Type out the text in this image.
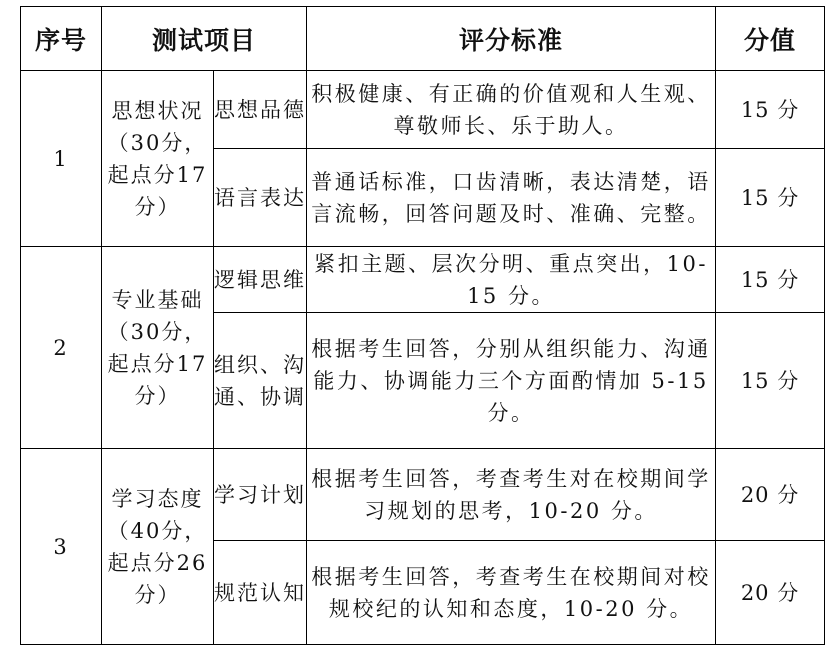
序号	测试项目		评分标准	分值
1	思想状况（30分，起点分17分）	思想品德	积极健康、有正确的价值观和人生观、尊敬师长、乐于助人。	15 分
		语言表达	普通话标准，口齿清晰，表达清楚，语言流畅，回答问题及时、准确、完整。	15 分
2	专业基础（30分，起点分17分）	逻辑思维	紧扣主题、层次分明、重点突出，10-15 分。	15 分
		组织、沟通、协调	根据考生回答，分别从组织能力、沟通能力、协调能力三个方面酌情加 5-15 分。	15 分
3	学习态度（40分，起点分26分）	学习计划	根据考生回答，考查考生对在校期间学习规划的思考，10-20 分。	20 分
		规范认知	根据考生回答，考查考生在校期间对校规校纪的认知和态度，10-20 分。	20 分
